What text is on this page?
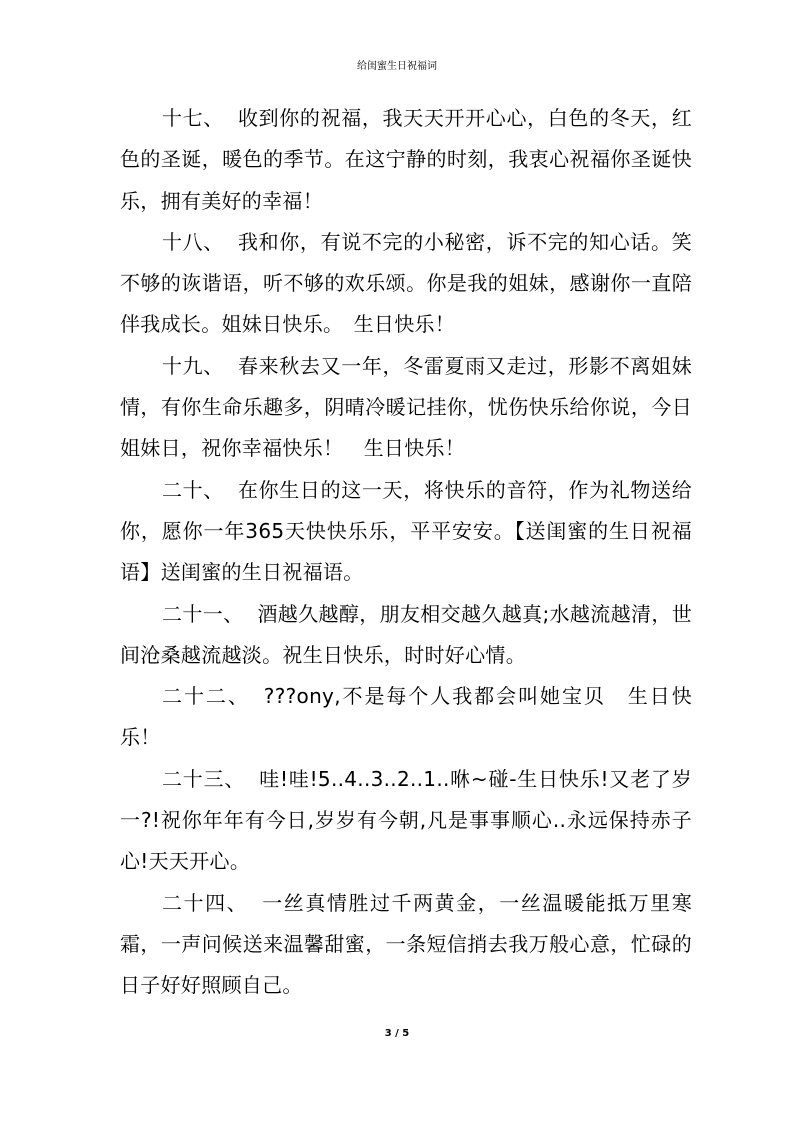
给闺蜜生日祝福词

十七、 收到你的祝福，我天天开开心心，白色的冬天，红色的圣诞，暖色的季节。在这宁静的时刻，我衷心祝福你圣诞快乐，拥有美好的幸福！

十八、 我和你，有说不完的小秘密，诉不完的知心话。笑不够的诙谐语，听不够的欢乐颂。你是我的姐妹，感谢你一直陪伴我成长。姐妹日快乐。　生日快乐！

十九、 春来秋去又一年，冬雷夏雨又走过，形影不离姐妹情，有你生命乐趣多，阴晴冷暖记挂你，忧伤快乐给你说，今日姐妹日，祝你幸福快乐！　生日快乐！

二十、 在你生日的这一天，将快乐的音符，作为礼物送给你，愿你一年365天快快乐乐，平平安安。【送闺蜜的生日祝福语】送闺蜜的生日祝福语。

二十一、 酒越久越醇，朋友相交越久越真;水越流越清，世间沧桑越流越淡。祝生日快乐，时时好心情。

二十二、 ???ony,不是每个人我都会叫她宝贝　生日快乐！

二十三、 哇!哇!5..4..3..2..1..咻~碰-生日快乐!又老了岁一?!祝你年年有今日,岁岁有今朝,凡是事事顺心..永远保持赤子心!天天开心。

二十四、 一丝真情胜过千两黄金，一丝温暖能抵万里寒霜，一声问候送来温馨甜蜜，一条短信捎去我万般心意，忙碌的日子好好照顾自己。

3 / 5
